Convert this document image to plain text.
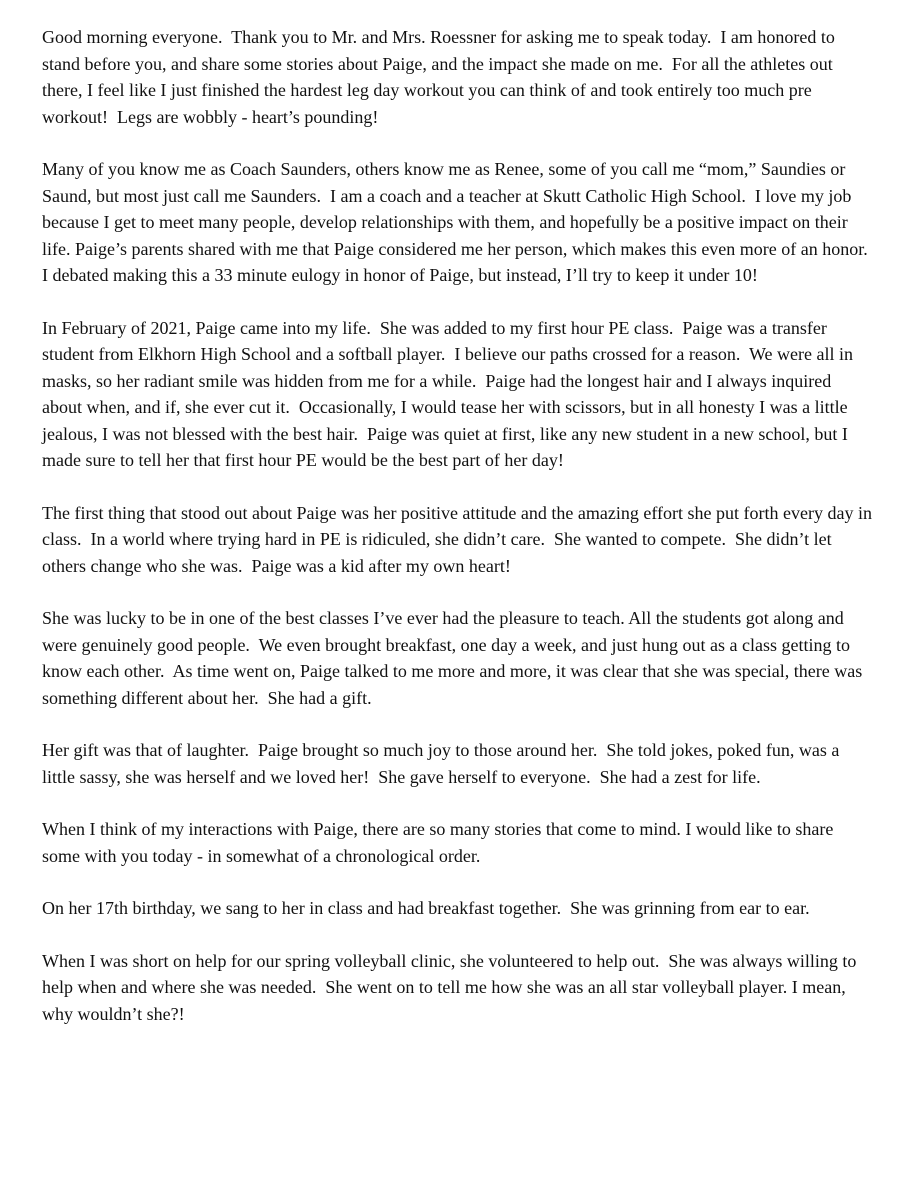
Good morning everyone.  Thank you to Mr. and Mrs. Roessner for asking me to speak today.  I am honored to stand before you, and share some stories about Paige, and the impact she made on me.  For all the athletes out there, I feel like I just finished the hardest leg day workout you can think of and took entirely too much pre workout!  Legs are wobbly - heart’s pounding!

Many of you know me as Coach Saunders, others know me as Renee, some of you call me “mom,” Saundies or Saund, but most just call me Saunders.  I am a coach and a teacher at Skutt Catholic High School.  I love my job because I get to meet many people, develop relationships with them, and hopefully be a positive impact on their life. Paige’s parents shared with me that Paige considered me her person, which makes this even more of an honor.  I debated making this a 33 minute eulogy in honor of Paige, but instead, I’ll try to keep it under 10!

In February of 2021, Paige came into my life.  She was added to my first hour PE class.  Paige was a transfer student from Elkhorn High School and a softball player.  I believe our paths crossed for a reason.  We were all in masks, so her radiant smile was hidden from me for a while.  Paige had the longest hair and I always inquired about when, and if, she ever cut it.  Occasionally, I would tease her with scissors, but in all honesty I was a little jealous, I was not blessed with the best hair.  Paige was quiet at first, like any new student in a new school, but I made sure to tell her that first hour PE would be the best part of her day!

The first thing that stood out about Paige was her positive attitude and the amazing effort she put forth every day in class.  In a world where trying hard in PE is ridiculed, she didn’t care.  She wanted to compete.  She didn’t let others change who she was.  Paige was a kid after my own heart!

She was lucky to be in one of the best classes I’ve ever had the pleasure to teach. All the students got along and were genuinely good people.  We even brought breakfast, one day a week, and just hung out as a class getting to know each other.  As time went on, Paige talked to me more and more, it was clear that she was special, there was something different about her.  She had a gift.

Her gift was that of laughter.  Paige brought so much joy to those around her.  She told jokes, poked fun, was a little sassy, she was herself and we loved her!  She gave herself to everyone.  She had a zest for life.

When I think of my interactions with Paige, there are so many stories that come to mind. I would like to share some with you today - in somewhat of a chronological order.

On her 17th birthday, we sang to her in class and had breakfast together.  She was grinning from ear to ear.

When I was short on help for our spring volleyball clinic, she volunteered to help out.  She was always willing to help when and where she was needed.  She went on to tell me how she was an all star volleyball player. I mean, why wouldn’t she?!
